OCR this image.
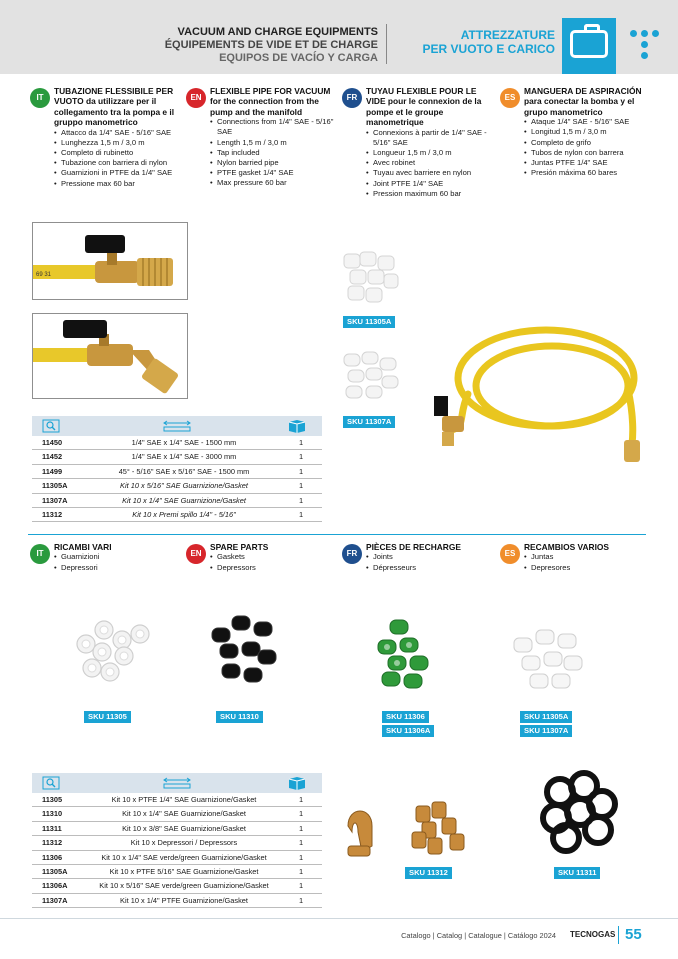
VACUUM AND CHARGE EQUIPMENTS
ÉQUIPEMENTS DE VIDE ET DE CHARGE
EQUIPOS DE VACÍO Y CARGA
ATTREZZATURE
PER VUOTO E CARICO
IT
TUBAZIONE FLESSIBILE PER VUOTO da utilizzare per il collegamento tra la pompa e il gruppo manometrico
• Attacco da 1/4" SAE - 5/16" SAE
• Lunghezza 1,5 m / 3,0 m
• Completo di rubinetto
• Tubazione con barriera di nylon
• Guarnizioni in PTFE da 1/4" SAE
• Pressione max 60 bar
EN
FLEXIBLE PIPE FOR VACUUM for the connection from the pump and the manifold
• Connections from 1/4" SAE - 5/16" SAE
• Length 1,5 m / 3,0 m
• Tap included
• Nylon barried pipe
• PTFE gasket 1/4" SAE
• Max pressure 60 bar
FR
TUYAU FLEXIBLE POUR LE VIDE pour le connexion de la pompe et le groupe manometrique
• Connexions à partir de 1/4" SAE - 5/16" SAE
• Longueur 1,5 m / 3,0 m
• Avec robinet
• Tuyau avec barriere en nylon
• Joint PTFE 1/4" SAE
• Pression maximum 60 bar
ES
MANGUERA DE ASPIRACIÓN para conectar la bomba y el grupo manometrico
• Ataque 1/4" SAE - 5/16" SAE
• Longitud 1,5 m / 3,0 m
• Completo de grifo
• Tubos de nylon con barrera
• Juntas PTFE 1/4" SAE
• Presión máxima 60 bares
69 31
SKU 11305A
SKU 11307A
11450	1/4" SAE x 1/4" SAE - 1500 mm	1
11452	1/4" SAE x 1/4" SAE - 3000 mm	1
11499	45° - 5/16" SAE x 5/16" SAE - 1500 mm	1
11305A	Kit 10 x 5/16" SAE Guarnizione/Gasket	1
11307A	Kit 10 x 1/4" SAE Guarnizione/Gasket	1
11312	Kit 10 x Premi spillo 1/4" - 5/16"	1
IT
RICAMBI VARI
• Guarnizioni
• Depressori
EN
SPARE PARTS
• Gaskets
• Depressors
FR
PIÈCES DE RECHARGE
• Joints
• Dépresseurs
ES
RECAMBIOS VARIOS
• Juntas
• Depresores
SKU 11305	SKU 11310	SKU 11306
SKU 11306A
SKU 11305A
SKU 11307A
11305	Kit 10 x PTFE 1/4" SAE Guarnizione/Gasket	1
11310	Kit 10 x 1/4" SAE Guarnizione/Gasket	1
11311	Kit 10 x 3/8" SAE Guarnizione/Gasket	1
11312	Kit 10 x Depressori / Depressors	1
11306	Kit 10 x 1/4" SAE verde/green Guarnizione/Gasket	1
11305A	Kit 10 x PTFE 5/16" SAE Guarnizione/Gasket	1
11306A	Kit 10 x 5/16" SAE verde/green Guarnizione/Gasket	1
11307A	Kit 10 x 1/4" PTFE Guarnizione/Gasket	1
SKU 11312	SKU 11311
Catalogo | Catalog | Catalogue | Catálogo 2024 TECNOGAS 55
